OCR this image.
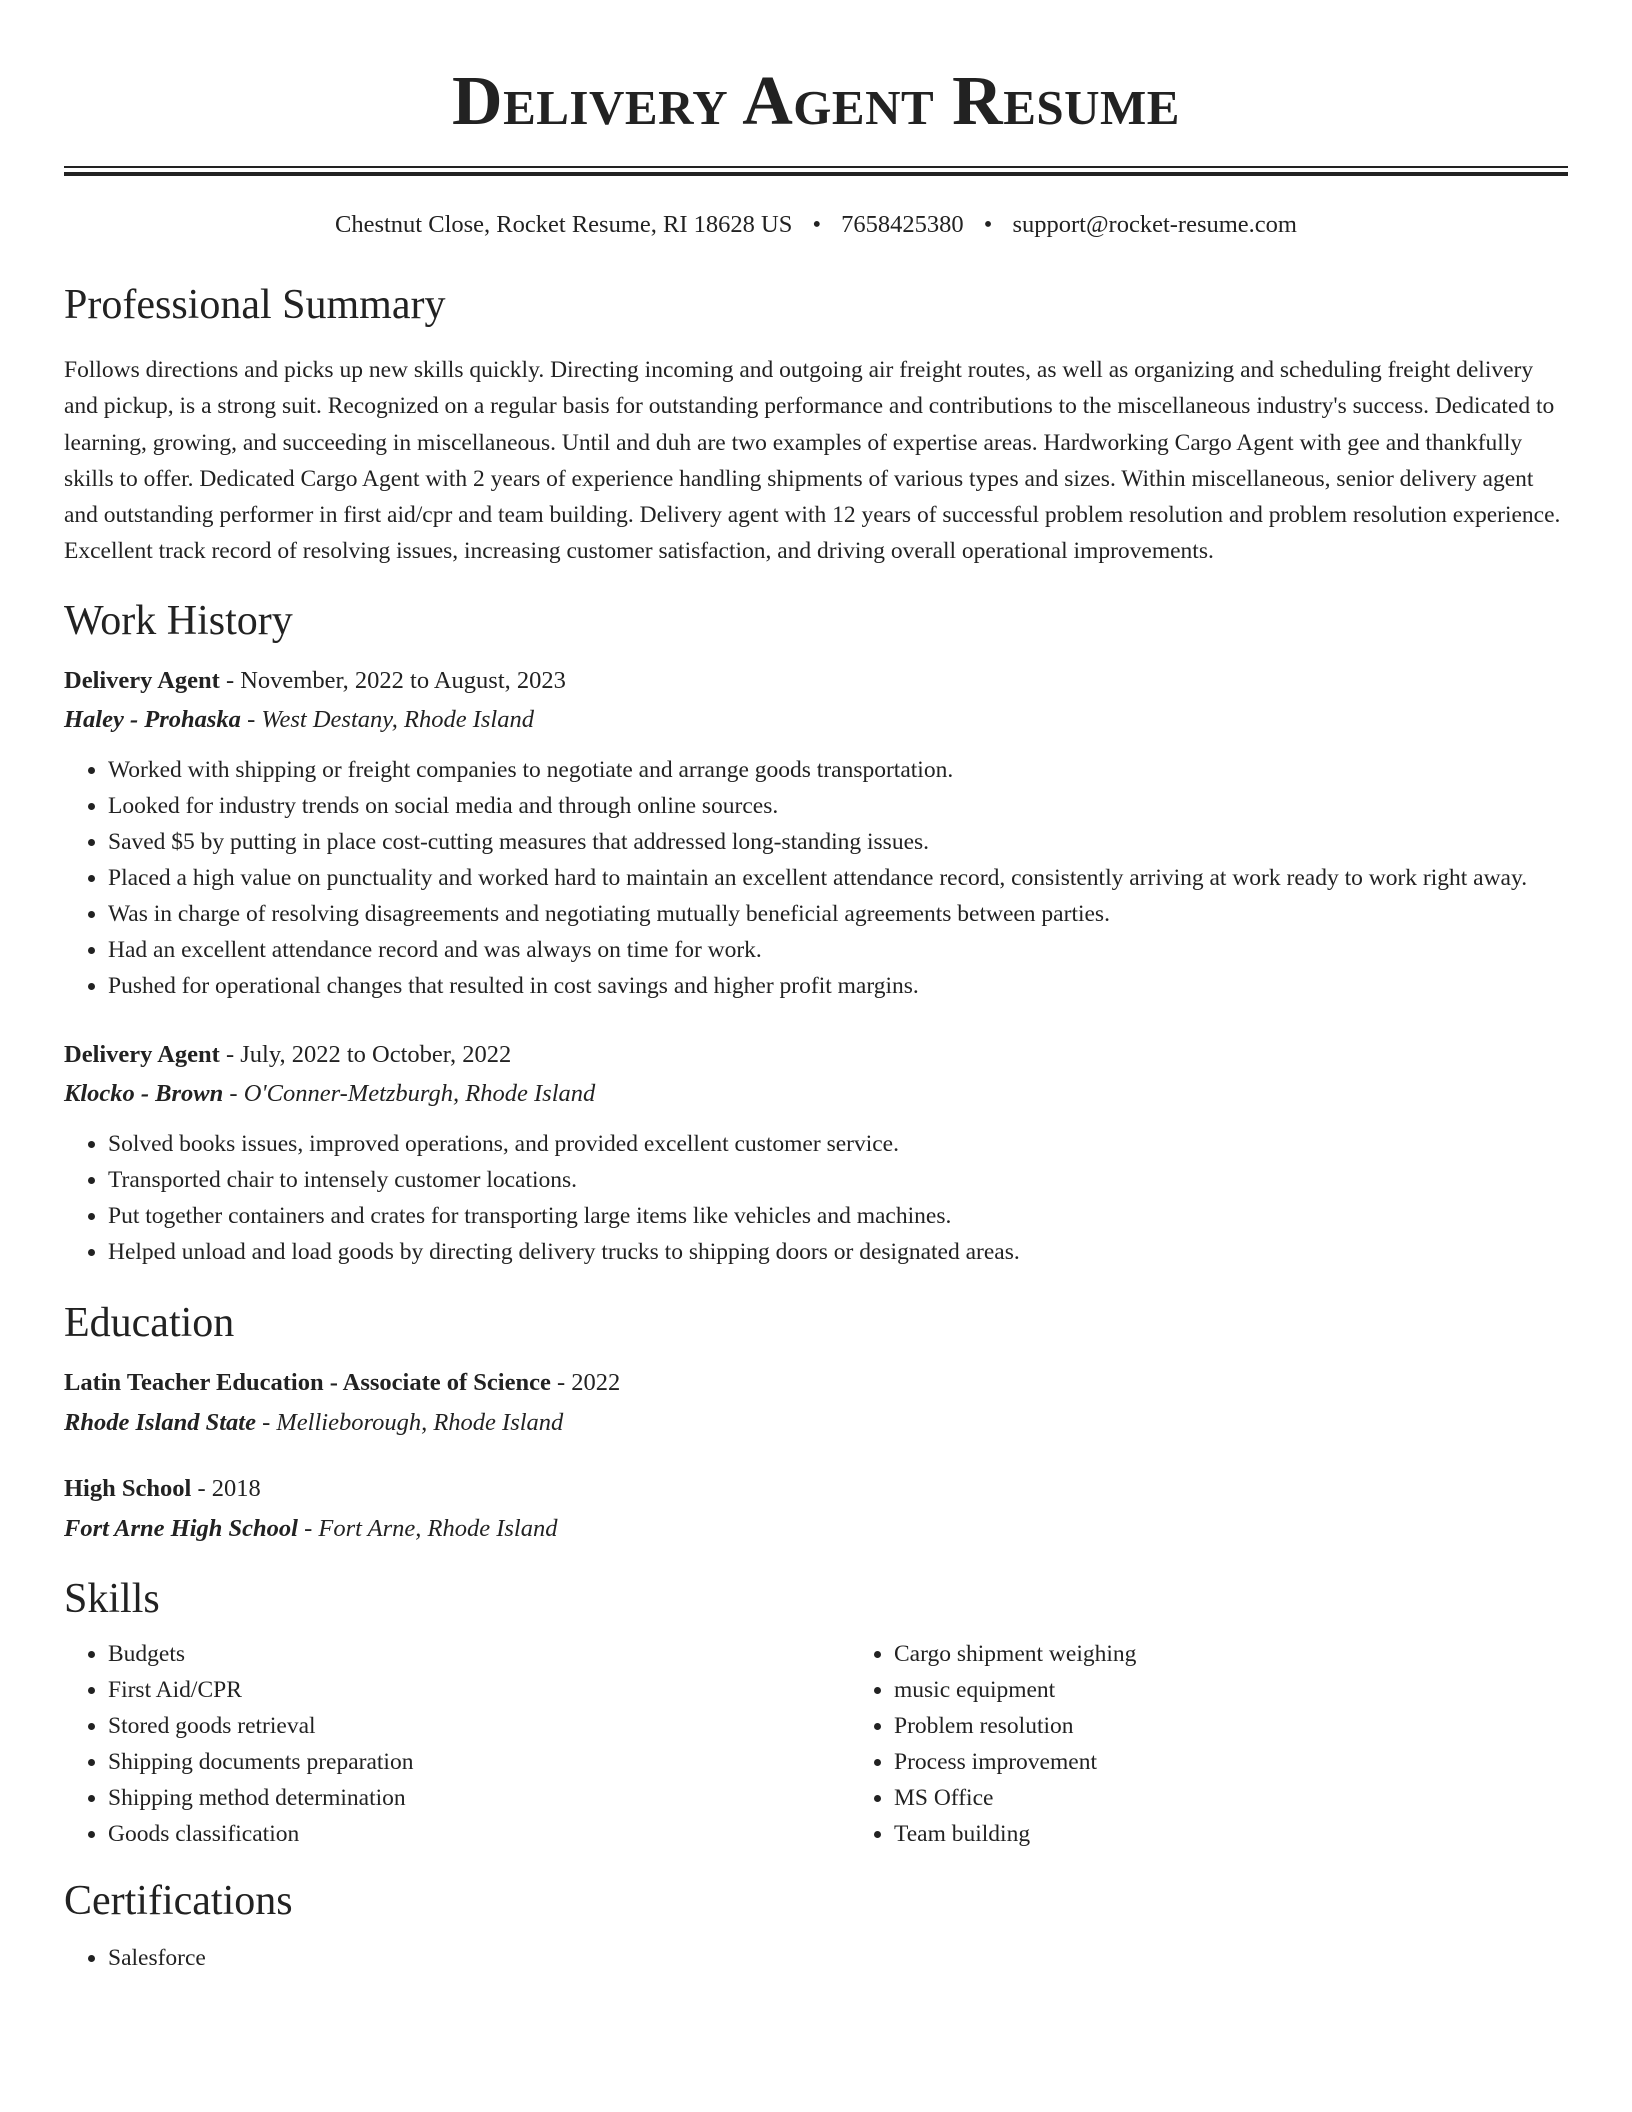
Delivery Agent Resume
Chestnut Close, Rocket Resume, RI 18628 US • 7658425380 • support@rocket-resume.com
Professional Summary

Follows directions and picks up new skills quickly. Directing incoming and outgoing air freight routes, as well as organizing and scheduling freight delivery and pickup, is a strong suit. Recognized on a regular basis for outstanding performance and contributions to the miscellaneous industry's success. Dedicated to learning, growing, and succeeding in miscellaneous. Until and duh are two examples of expertise areas. Hardworking Cargo Agent with gee and thankfully skills to offer. Dedicated Cargo Agent with 2 years of experience handling shipments of various types and sizes. Within miscellaneous, senior delivery agent and outstanding performer in first aid/cpr and team building. Delivery agent with 12 years of successful problem resolution and problem resolution experience. Excellent track record of resolving issues, increasing customer satisfaction, and driving overall operational improvements.

Work History

Delivery Agent - November, 2022 to August, 2023

Haley - Prohaska - West Destany, Rhode Island

• Worked with shipping or freight companies to negotiate and arrange goods transportation.
• Looked for industry trends on social media and through online sources.
• Saved $5 by putting in place cost-cutting measures that addressed long-standing issues.
• Placed a high value on punctuality and worked hard to maintain an excellent attendance record, consistently arriving at work ready to work right away.
• Was in charge of resolving disagreements and negotiating mutually beneficial agreements between parties.
• Had an excellent attendance record and was always on time for work.
• Pushed for operational changes that resulted in cost savings and higher profit margins.

Delivery Agent - July, 2022 to October, 2022

Klocko - Brown - O'Conner-Metzburgh, Rhode Island

• Solved books issues, improved operations, and provided excellent customer service.
• Transported chair to intensely customer locations.
• Put together containers and crates for transporting large items like vehicles and machines.
• Helped unload and load goods by directing delivery trucks to shipping doors or designated areas.
Education

Latin Teacher Education - Associate of Science - 2022

Rhode Island State - Mellieborough, Rhode Island

High School - 2018

Fort Arne High School - Fort Arne, Rhode Island

Skills
• Budgets
• First Aid/CPR
• Stored goods retrieval
• Shipping documents preparation
• Shipping method determination
• Goods classification
• Cargo shipment weighing
• music equipment
• Problem resolution
• Process improvement
• MS Office
• Team building
Certifications
• Salesforce
